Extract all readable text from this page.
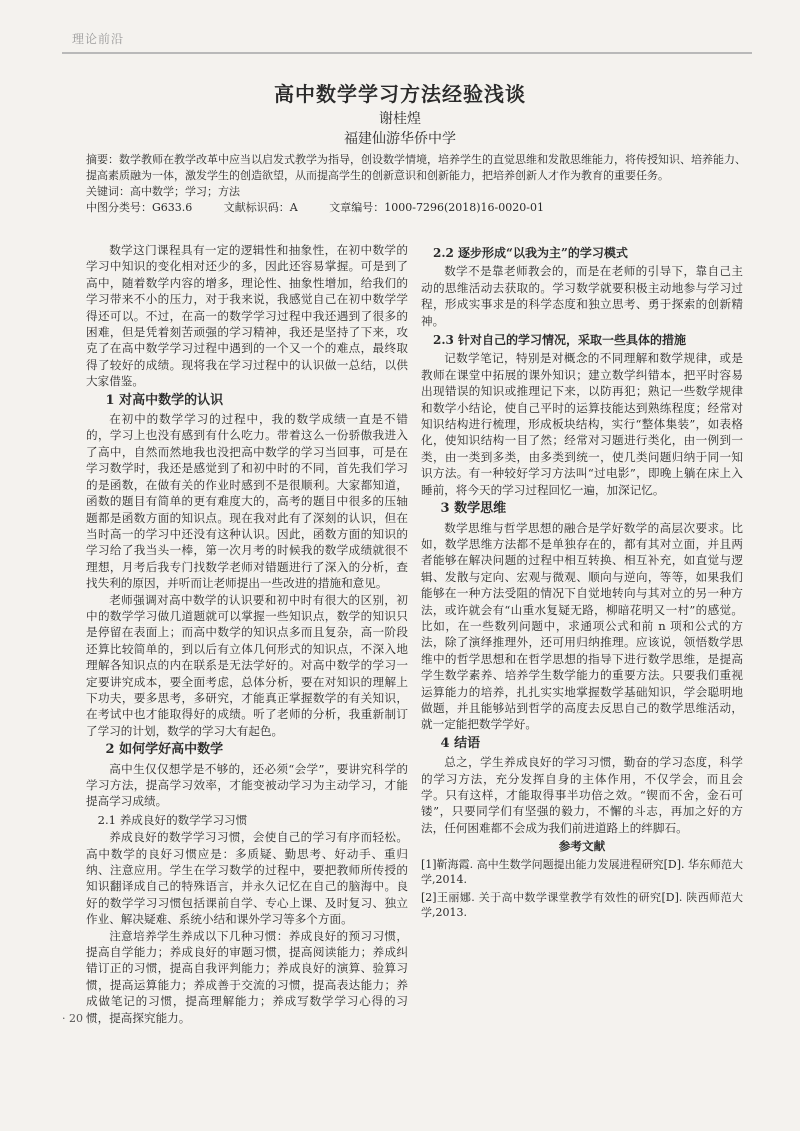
理论前沿
高中数学学习方法经验浅谈
谢桂煌
福建仙游华侨中学

摘要：数学教师在教学改革中应当以启发式教学为指导，创设数学情境，培养学生的直觉思维和发散思维能力，将传授知识、培养能力、提高素质融为一体，激发学生的创造欲望，从而提高学生的创新意识和创新能力，把培养创新人才作为教育的重要任务。

关键词：高中数学；学习；方法

中图分类号：G633.6	文献标识码：A	文章编号：1000-7296(2018)16-0020-01

数学这门课程具有一定的逻辑性和抽象性，在初中数学的学习中知识的变化相对还少的多，因此还容易掌握。可是到了高中，随着数学内容的增多，理论性、抽象性增加，给我们的学习带来不小的压力，对于我来说，我感觉自己在初中数学学得还可以。不过，在高一的数学学习过程中我还遇到了很多的困难，但是凭着刻苦顽强的学习精神，我还是坚持了下来，攻克了在高中数学学习过程中遇到的一个又一个的难点，最终取得了较好的成绩。现将我在学习过程中的认识做一总结，以供大家借鉴。

1 对高中数学的认识

在初中的数学学习的过程中，我的数学成绩一直是不错的，学习上也没有感到有什么吃力。带着这么一份骄傲我进入了高中，自然而然地我也没把高中数学的学习当回事，可是在学习数学时，我还是感觉到了和初中时的不同，首先我们学习的是函数，在做有关的作业时感到不是很顺利。大家都知道，函数的题目有简单的更有难度大的，高考的题目中很多的压轴题都是函数方面的知识点。现在我对此有了深刻的认识，但在当时高一的学习中还没有这种认识。因此，函数方面的知识的学习给了我当头一棒，第一次月考的时候我的数学成绩就很不理想，月考后我专门找数学老师对错题进行了深入的分析，查找失利的原因，并听而让老师提出一些改进的措施和意见。

老师强调对高中数学的认识要和初中时有很大的区别，初中的数学学习做几道题就可以掌握一些知识点，数学的知识只是停留在表面上；而高中数学的知识点多而且复杂，高一阶段还算比较简单的，到以后有立体几何形式的知识点，不深入地理解各知识点的内在联系是无法学好的。对高中数学的学习一定要讲究成本，要全面考虑，总体分析，要在对知识的理解上下功夫，要多思考，多研究，才能真正掌握数学的有关知识，在考试中也才能取得好的成绩。听了老师的分析，我重新制订了学习的计划，数学的学习大有起色。

2 如何学好高中数学

高中生仅仅想学是不够的，还必须“会学”，要讲究科学的学习方法，提高学习效率，才能变被动学习为主动学习，才能提高学习成绩。

2.1 养成良好的数学学习习惯

养成良好的数学学习习惯，会使自己的学习有序而轻松。高中数学的良好习惯应是：多质疑、勤思考、好动手、重归纳、注意应用。学生在学习数学的过程中，要把教师所传授的知识翻译成自己的特殊语言，并永久记忆在自己的脑海中。良好的数学学习习惯包括课前自学、专心上课、及时复习、独立作业、解决疑难、系统小结和课外学习等多个方面。

注意培养学生养成以下几种习惯：养成良好的预习习惯，提高自学能力；养成良好的审题习惯，提高阅读能力；养成纠错订正的习惯，提高自我评判能力；养成良好的演算、验算习惯，提高运算能力；养成善于交流的习惯，提高表达能力；养成做笔记的习惯，提高理解能力；养成写数学学习心得的习惯，提高探究能力。

2.2 逐步形成“以我为主”的学习模式

数学不是靠老师教会的，而是在老师的引导下，靠自己主动的思维活动去获取的。学习数学就要积极主动地参与学习过程，形成实事求是的科学态度和独立思考、勇于探索的创新精神。

2.3 针对自己的学习情况，采取一些具体的措施

记数学笔记，特别是对概念的不同理解和数学规律，或是教师在课堂中拓展的课外知识；建立数学纠错本，把平时容易出现错误的知识或推理记下来，以防再犯；熟记一些数学规律和数学小结论，使自己平时的运算技能达到熟练程度；经常对知识结构进行梳理，形成板块结构，实行“整体集装”，如表格化，使知识结构一目了然；经常对习题进行类化，由一例到一类，由一类到多类，由多类到统一，使几类问题归纳于同一知识方法。有一种较好学习方法叫“过电影”，即晚上躺在床上入睡前，将今天的学习过程回忆一遍，加深记忆。

3 数学思维

数学思维与哲学思想的融合是学好数学的高层次要求。比如，数学思维方法都不是单独存在的，都有其对立面，并且两者能够在解决问题的过程中相互转换、相互补充，如直觉与逻辑、发散与定向、宏观与微观、顺向与逆向，等等，如果我们能够在一种方法受阻的情况下自觉地转向与其对立的另一种方法，或许就会有“山重水复疑无路，柳暗花明又一村”的感觉。比如，在一些数列问题中，求通项公式和前 n 项和公式的方法，除了演绎推理外，还可用归纳推理。应该说，领悟数学思维中的哲学思想和在哲学思想的指导下进行数学思维，是提高学生数学素养、培养学生数学能力的重要方法。只要我们重视运算能力的培养，扎扎实实地掌握数学基础知识，学会聪明地做题，并且能够站到哲学的高度去反思自己的数学思维活动，就一定能把数学学好。

4 结语

总之，学生养成良好的学习习惯，勤奋的学习态度，科学的学习方法，充分发挥自身的主体作用，不仅学会，而且会学。只有这样，才能取得事半功倍之效。“锲而不舍，金石可镂”，只要同学们有坚强的毅力，不懈的斗志，再加之好的方法，任何困难都不会成为我们前进道路上的绊脚石。

参考文献

[1]靳海霞. 高中生数学问题提出能力发展进程研究[D]. 华东师范大学,2014.

[2]王丽娜. 关于高中数学课堂教学有效性的研究[D]. 陕西师范大学,2013.

· 20 ·
